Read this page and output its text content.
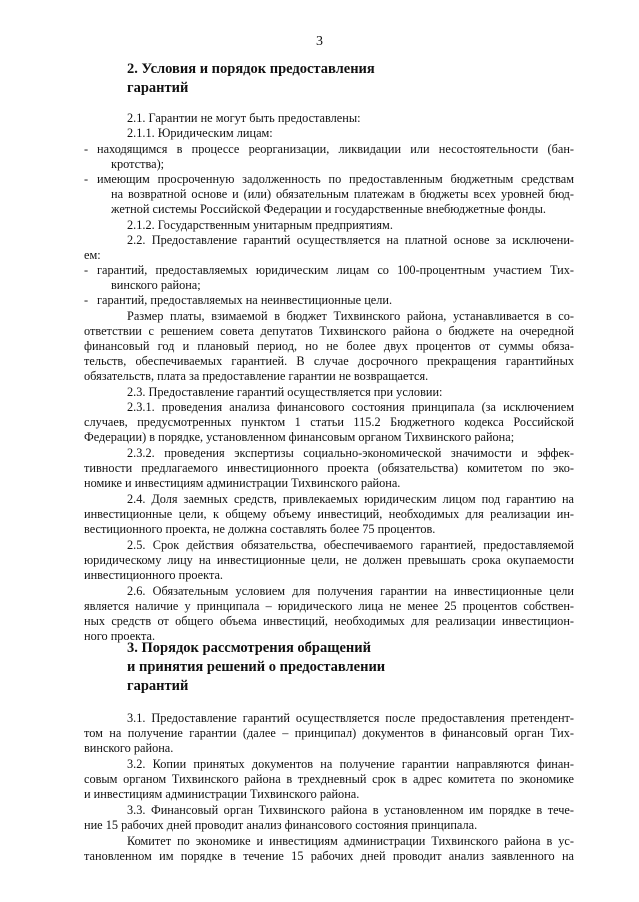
3
2. Условия и порядок предоставления
гарантий
2.1. Гарантии не могут быть предоставлены:
2.1.1. Юридическим лицам:
- находящимся в процессе реорганизации, ликвидации или несостоятельности (бан-
кротства);
- имеющим просроченную задолженность по предоставленным бюджетным средствам
на возвратной основе и (или) обязательным платежам в бюджеты всех уровней бюд-
жетной системы Российской Федерации и государственные внебюджетные фонды.
2.1.2. Государственным унитарным предприятиям.
2.2. Предоставление гарантий осуществляется на платной основе за исключени-
ем:
- гарантий, предоставляемых юридическим лицам со 100-процентным участием Тих-
винского района;
- гарантий, предоставляемых на неинвестиционные цели.
Размер платы, взимаемой в бюджет Тихвинского района, устанавливается в со-
ответствии с решением совета депутатов Тихвинского района о бюджете на очередной
финансовый год и плановый период, но не более двух процентов от суммы обяза-
тельств, обеспечиваемых гарантией. В случае досрочного прекращения гарантийных
обязательств, плата за предоставление гарантии не возвращается.
2.3. Предоставление гарантий осуществляется при условии:
2.3.1. проведения анализа финансового состояния принципала (за исключением
случаев, предусмотренных пунктом 1 статьи 115.2 Бюджетного кодекса Российской
Федерации) в порядке, установленном финансовым органом Тихвинского района;
2.3.2. проведения экспертизы социально-экономической значимости и эффек-
тивности предлагаемого инвестиционного проекта (обязательства) комитетом по эко-
номике и инвестициям администрации Тихвинского района.
2.4. Доля заемных средств, привлекаемых юридическим лицом под гарантию на
инвестиционные цели, к общему объему инвестиций, необходимых для реализации ин-
вестиционного проекта, не должна составлять более 75 процентов.
2.5. Срок действия обязательства, обеспечиваемого гарантией, предоставляемой
юридическому лицу на инвестиционные цели, не должен превышать срока окупаемости
инвестиционного проекта.
2.6. Обязательным условием для получения гарантии на инвестиционные цели
является наличие у принципала – юридического лица не менее 25 процентов собствен-
ных средств от общего объема инвестиций, необходимых для реализации инвестицион-
ного проекта.
3. Порядок рассмотрения обращений
и принятия решений о предоставлении
гарантий
3.1. Предоставление гарантий осуществляется после предоставления претендент-
том на получение гарантии (далее – принципал) документов в финансовый орган Тих-
винского района.
3.2. Копии принятых документов на получение гарантии направляются финан-
совым органом Тихвинского района в трехдневный срок в адрес комитета по экономике
и инвестициям администрации Тихвинского района.
3.3. Финансовый орган Тихвинского района в установленном им порядке в тече-
ние 15 рабочих дней проводит анализ финансового состояния принципала.
Комитет по экономике и инвестициям администрации Тихвинского района в ус-
тановленном им порядке в течение 15 рабочих дней проводит анализ заявленного на
